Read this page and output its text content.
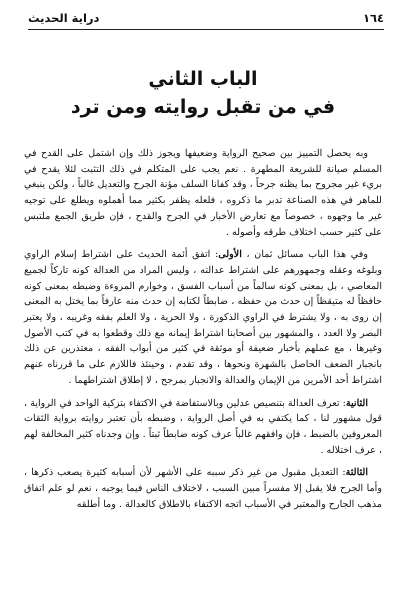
١٦٤
دراية الحديث
الباب الثاني
في من تقبل روايته ومن ترد

وبه يحصل التمييز بين صحيح الرواية وضعيفها ويجوز ذلك وإن اشتمل على القدح في المسلم صيانة للشريعة المطهرة . نعم يجب على المتكلم في ذلك التثبت لئلا يقدح في بريء غير مجروح بما يظنه جرحاً ، وقد كفانا السلف مؤنة الجرح والتعديل غالباً ، ولكن ينبغي للماهر في هذه الصناعة تدبر ما ذكروه ، فلعله يظفر بكثير مما أهملوه ويطلع على توجيه غير ما وجهوه ، خصوصاً مع تعارض الأخبار في الجرح والقدح ، فإن طريق الجمع ملتبس على كثير حسب اختلاف طرقه وأصوله .

وفي هذا الباب مسائل ثمان ، الأولى: اتفق أئمة الحديث على اشتراط إسلام الراوي وبلوغه وعقله وجمهورهم على اشتراط عدالته ، وليس المراد من العدالة كونه تاركاً لجميع المعاصي ، بل بمعنى كونه سالماً من أسباب الفسق ، وخوارم المروءة وضبطه بمعنى كونه حافظاً له متيقظاً إن حدث من حفظه ، ضابطاً لكتابه إن حدث منه عارفاً بما يختل به المعنى إن روى به ، ولا يشترط في الراوي الذكورة ، ولا الحرية ، ولا العلم بفقه وغريبه ، ولا يعتبر البصر ولا العدد ، والمشهور بين أصحابنا اشتراط إيمانه مع ذلك وقطعوا به في كتب الأصول وغيرها ، مع عملهم بأخبار ضعيفة أو موثقة في كثير من أبواب الفقه ، معتذرين عن ذلك بانجبار الضعف الحاصل بالشهرة ونحوها ، وقد تقدم ، وحينئذ فاللازم على ما قررناه عنهم اشتراط أحد الأمرين من الإيمان والعدالة والانجبار بمرجح ، لا إطلاق اشتراطهما .

الثانية: تعرف العدالة بتنصيص عدلين وبالاستفاضة في الاكتفاء بتزكية الواحد في الرواية ، قول مشهور لنا ، كما يكتفي به في أصل الرواية ، وضبطه بأن تعتبر روايته برواية الثقات المعروفين بالضبط ، فإن وافقهم غالباً عرف كونه ضابطاً ثبتاً . وإن وجدناه كثير المخالفة لهم ، عرف اختلاله .

الثالثة: التعديل مقبول من غير ذكر سببه على الأشهر لأن أسبابه كثيرة يصعب ذكرها ، وأما الجرح فلا يقبل إلا مفسراً مبين السبب ، لاختلاف الناس فيما يوجبه ، نعم لو علم اتفاق مذهب الجارح والمعتبر في الأسباب اتجه الاكتفاء بالاطلاق كالعدالة . وما أطلقه
